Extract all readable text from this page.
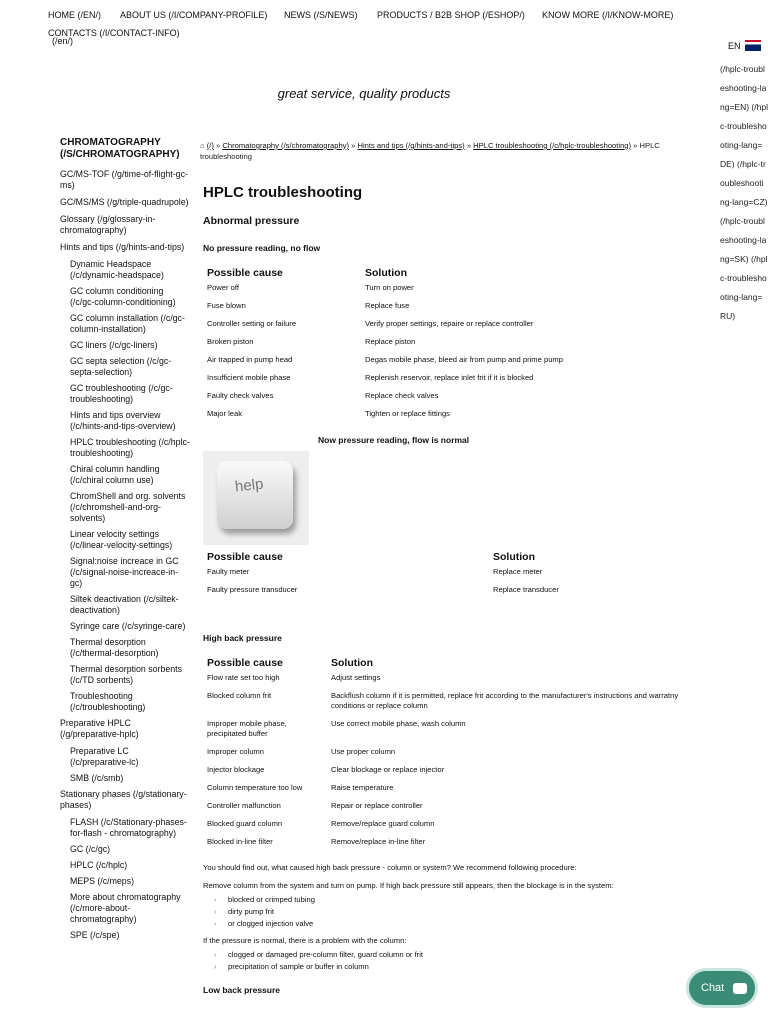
HOME (/EN/) ABOUT US (/I/COMPANY-PROFILE) NEWS (/S/NEWS) PRODUCTS / B2B SHOP (/ESHOP/) KNOW MORE (/I/KNOW-MORE)
CONTACTS (/I/CONTACT-INFO)
(/en/)	EN
(/hplc-troubleshooting-lang=EN) (/hplc-troubleshooting-lang=DE) (/hplc-troubleshooting-lang=CZ) (/hplc-troubleshooting-lang=SK) (/hplc-troubleshooting-lang=RU)
great service, quality products
CHROMATOGRAPHY (/S/CHROMATOGRAPHY)
GC/MS-TOF (/g/time-of-flight-gc-ms)
GC/MS/MS (/g/triple-quadrupole)
Glossary (/g/glossary-in-chromatography)
Hints and tips (/g/hints-and-tips)
Dynamic Headspace (/c/dynamic-headspace)
GC column conditioning (/c/gc-column-conditioning)
GC column installation (/c/gc-column-installation)
GC liners (/c/gc-liners)
GC septa selection (/c/gc-septa-selection)
GC troubleshooting (/c/gc-troubleshooting)
Hints and tips overview (/c/hints-and-tips-overview)
HPLC troubleshooting (/c/hplc-troubleshooting)
Chiral column handling (/c/chiral column use)
ChromShell and org. solvents (/c/chromshell-and-org-solvents)
Linear velocity settings (/c/linear-velocity-settings)
Signal:noise increace in GC (/c/signal-noise-increace-in-gc)
Siltek deactivation (/c/siltek-deactivation)
Syringe care (/c/syringe-care)
Thermal desorption (/c/thermal-desorption)
Thermal desorption sorbents (/c/TD sorbents)
Troubleshooting (/c/troubleshooting)
Preparative HPLC (/g/preparative-hplc)
Preparative LC (/c/preparative-lc)
SMB (/c/smb)
Stationary phases (/g/stationary-phases)
FLASH (/c/Stationary-phases-for-flash - chromatography)
GC (/c/gc)
HPLC (/c/hplc)
MEPS (/c/meps)
More about chromatography (/c/more-about-chromatography)
SPE (/c/spe)
⌂ (/) » Chromatography (/s/chromatography) » Hints and tips (/g/hints-and-tips) » HPLC troubleshooting (/c/hplc-troubleshooting) » HPLC troubleshooting
HPLC troubleshooting
Abnormal pressure
No pressure reading, no flow
Possible cause	Solution
Power off	Turn on power
Fuse blown	Replace fuse
Controller setting or failure	Verify proper settings, repaire or replace controller
Broken piston	Replace piston
Air trapped in pump head	Degas mobile phase, bleed air from pump and prime pump
Insufficient mobile phase	Replenish reservoir, replace inlet frit if it is blocked
Faulty check valves	Replace check valves
Major leak	Tighten or replace fittings
Now pressure reading, flow is normal
help
Possible cause	Solution
Faulty meter	Replace meter
Faulty pressure transducer	Replace transducer
High back pressure
Possible cause	Solution
Flow rate set too high	Adjust settings
Blocked column frit	Backflush column if it is permitted, replace frit according to the manufacturer's instructions and warratny conditions or replace column
Improper mobile phase, precipitated buffer	Use correct mobile phase, wash column
Improper column	Use proper column
Injector blockage	Clear blockage or replace injector
Column temperature too low	Raise temperature
Controller malfunction	Repair or replace controller
Blocked guard column	Remove/replace guard column
Blocked in-line filter	Remove/replace in-line filter

You should find out, what caused high back pressure - column or system? We recommend following procedure:

Remove column from the system and turn on pump. If high back pressure still appears, then the blockage is in the system:

› blocked or crimped tubing
› dirty pump frit
› or clogged injection valve

If the pressure is normal, there is a problem with the column:

› clogged or damaged pre-column filter, guard column or frit
› precipitation of sample or buffer in column
Low back pressure	Chat
